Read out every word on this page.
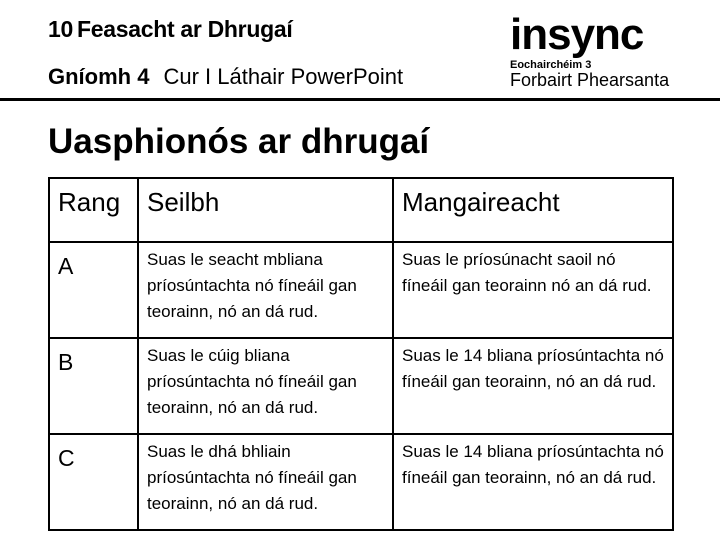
10 Feasacht ar Dhrugaí
Gníomh 4 Cur I Láthair PowerPoint
insync
Eochairchéim 3
Forbairt Phearsanta
Uasphionós ar dhrugaí
Rang	Seilbh	Mangaireacht
A	Suas le seacht mbliana príosúntachta nó fíneáil gan teorainn, nó an dá rud.	Suas le príosúnacht saoil nó fíneáil gan teorainn nó an dá rud.
B	Suas le cúig bliana príosúntachta nó fíneáil gan teorainn, nó an dá rud.	Suas le 14 bliana príosúntachta nó fíneáil gan teorainn, nó an dá rud.
C	Suas le dhá bhliain príosúntachta nó fíneáil gan teorainn, nó an dá rud.	Suas le 14 bliana príosúntachta nó fíneáil gan teorainn, nó an dá rud.
